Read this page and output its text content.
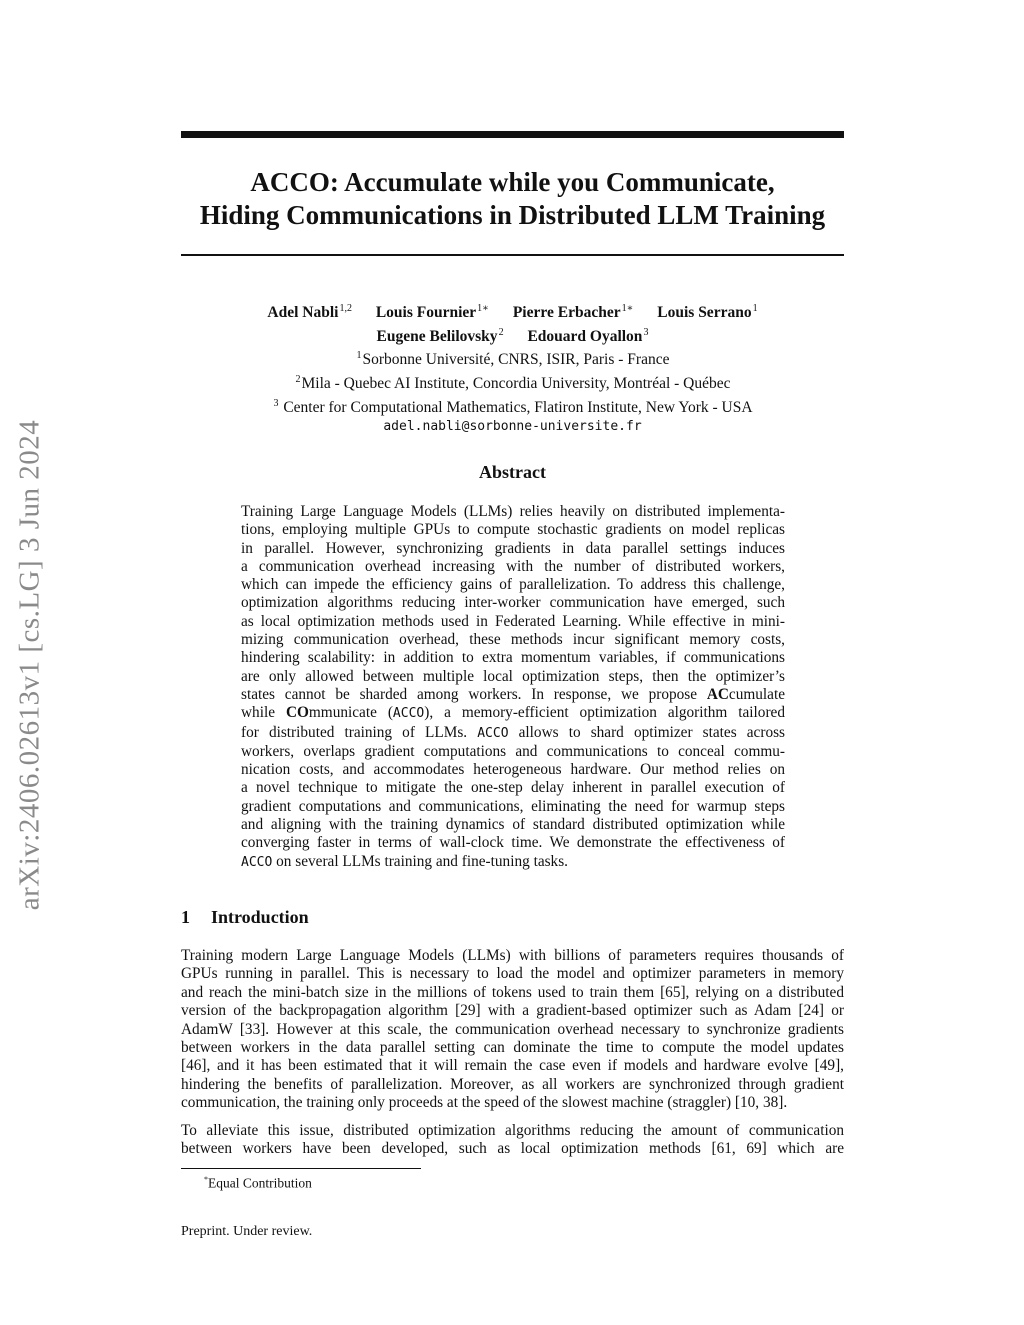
arXiv:2406.02613v1 [cs.LG] 3 Jun 2024
ACCO: Accumulate while you Communicate,
Hiding Communications in Distributed LLM Training
Adel Nabli$^{1,2}$ Louis Fournier$^{1∗}$ Pierre Erbacher$^{1∗}$ Louis Serrano$^1$
Eugene Belilovsky$^2$ Edouard Oyallon$^3$
$^1$Sorbonne Université, CNRS, ISIR, Paris - France
$^2$Mila - Quebec AI Institute, Concordia University, Montréal - Québec
$^3$ Center for Computational Mathematics, Flatiron Institute, New York - USA
adel.nabli@sorbonne-universite.fr
Abstract
Training Large Language Models (LLMs) relies heavily on distributed implementa-
tions, employing multiple GPUs to compute stochastic gradients on model replicas
in parallel. However, synchronizing gradients in data parallel settings induces
a communication overhead increasing with the number of distributed workers,
which can impede the efficiency gains of parallelization. To address this challenge,
optimization algorithms reducing inter-worker communication have emerged, such
as local optimization methods used in Federated Learning. While effective in mini-
mizing communication overhead, these methods incur significant memory costs,
hindering scalability: in addition to extra momentum variables, if communications
are only allowed between multiple local optimization steps, then the optimizer’s
states cannot be sharded among workers. In response, we propose ACcumulate
while COmmunicate (ACCO), a memory-efficient optimization algorithm tailored
for distributed training of LLMs. ACCO allows to shard optimizer states across
workers, overlaps gradient computations and communications to conceal commu-
nication costs, and accommodates heterogeneous hardware. Our method relies on
a novel technique to mitigate the one-step delay inherent in parallel execution of
gradient computations and communications, eliminating the need for warmup steps
and aligning with the training dynamics of standard distributed optimization while
converging faster in terms of wall-clock time. We demonstrate the effectiveness of
ACCO on several LLMs training and fine-tuning tasks.
1 Introduction
Training modern Large Language Models (LLMs) with billions of parameters requires thousands of
GPUs running in parallel. This is necessary to load the model and optimizer parameters in memory
and reach the mini-batch size in the millions of tokens used to train them [65], relying on a distributed
version of the backpropagation algorithm [29] with a gradient-based optimizer such as Adam [24] or
AdamW [33]. However at this scale, the communication overhead necessary to synchronize gradients
between workers in the data parallel setting can dominate the time to compute the model updates
[46], and it has been estimated that it will remain the case even if models and hardware evolve [49],
hindering the benefits of parallelization. Moreover, as all workers are synchronized through gradient
communication, the training only proceeds at the speed of the slowest machine (straggler) [10, 38].
To alleviate this issue, distributed optimization algorithms reducing the amount of communication
between workers have been developed, such as local optimization methods [61, 69] which are
*Equal Contribution
Preprint. Under review.
